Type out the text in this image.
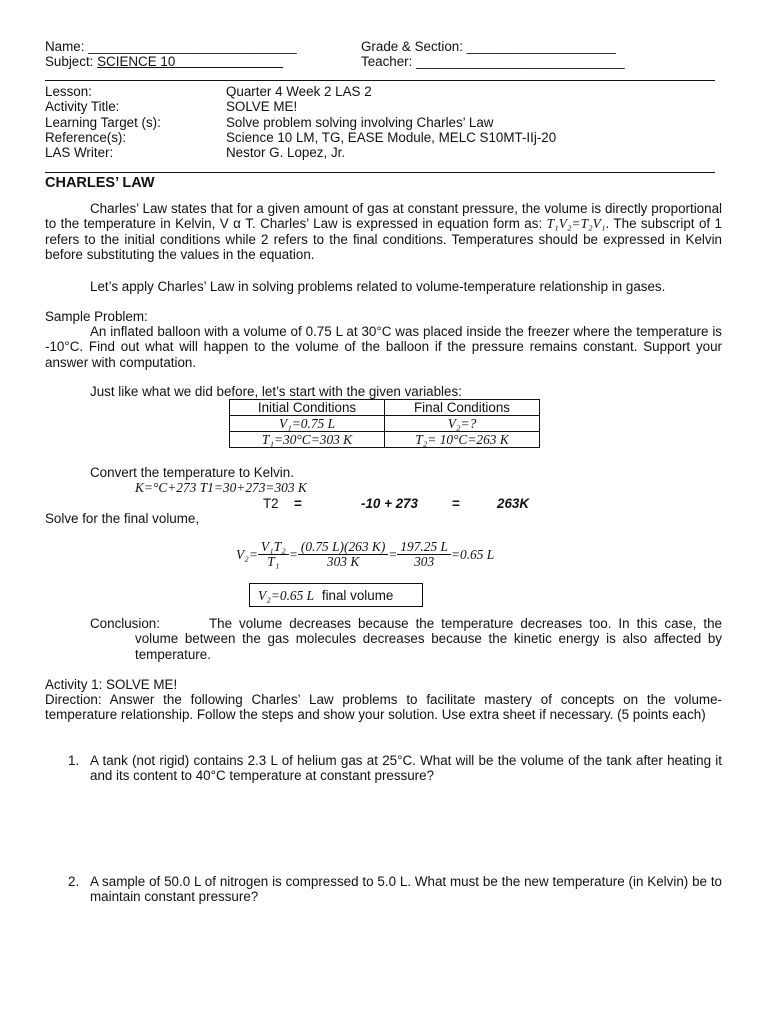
Name: ____________________________	Grade & Section: ____________________
Subject: SCIENCE 10	Teacher: ____________________________
Lesson:	Quarter 4 Week 2 LAS 2
Activity Title:	SOLVE ME!
Learning Target (s):	Solve problem solving involving Charles’ Law
Reference(s):	Science 10 LM, TG, EASE Module, MELC S10MT-IIj-20
LAS Writer:	Nestor G. Lopez, Jr.
CHARLES’ LAW
Charles’ Law states that for a given amount of gas at constant pressure, the volume is directly proportional to the temperature in Kelvin, V α T. Charles’ Law is expressed in equation form as: T₁V₂=T₂V₁. The subscript of 1 refers to the initial conditions while 2 refers to the final conditions. Temperatures should be expressed in Kelvin before substituting the values in the equation.
Let’s apply Charles’ Law in solving problems related to volume-temperature relationship in gases.
Sample Problem:
An inflated balloon with a volume of 0.75 L at 30°C was placed inside the freezer where the temperature is -10°C. Find out what will happen to the volume of the balloon if the pressure remains constant. Support your answer with computation.
Just like what we did before, let’s start with the given variables:
Initial Conditions	Final Conditions
V₁=0.75 L	V₂=?
T₁=30°C=303 K	T₂= 10°C=263 K
Convert the temperature to Kelvin.
K=°C+273 T1=30+273=303 K
T2 =	-10 + 273	=	263K
Solve for the final volume,
$V_2= \frac{\text{V₁T₂}}{\text{T₁}} = \frac{(0.75 L)(263 K)}{303 K} = \frac{197.25 L}{303} =0.65$ L
V₂=0.65 L final volume
Conclusion:	The volume decreases because the temperature decreases too. In this case, the volume between the gas molecules decreases because the kinetic energy is also affected by temperature.
Activity 1: SOLVE ME!
Direction: Answer the following Charles’ Law problems to facilitate mastery of concepts on the volume-temperature relationship. Follow the steps and show your solution. Use extra sheet if necessary. (5 points each)
1. A tank (not rigid) contains 2.3 L of helium gas at 25°C. What will be the volume of the tank after heating it and its content to 40°C temperature at constant pressure?
2. A sample of 50.0 L of nitrogen is compressed to 5.0 L. What must be the new temperature (in Kelvin) be to maintain constant pressure?
